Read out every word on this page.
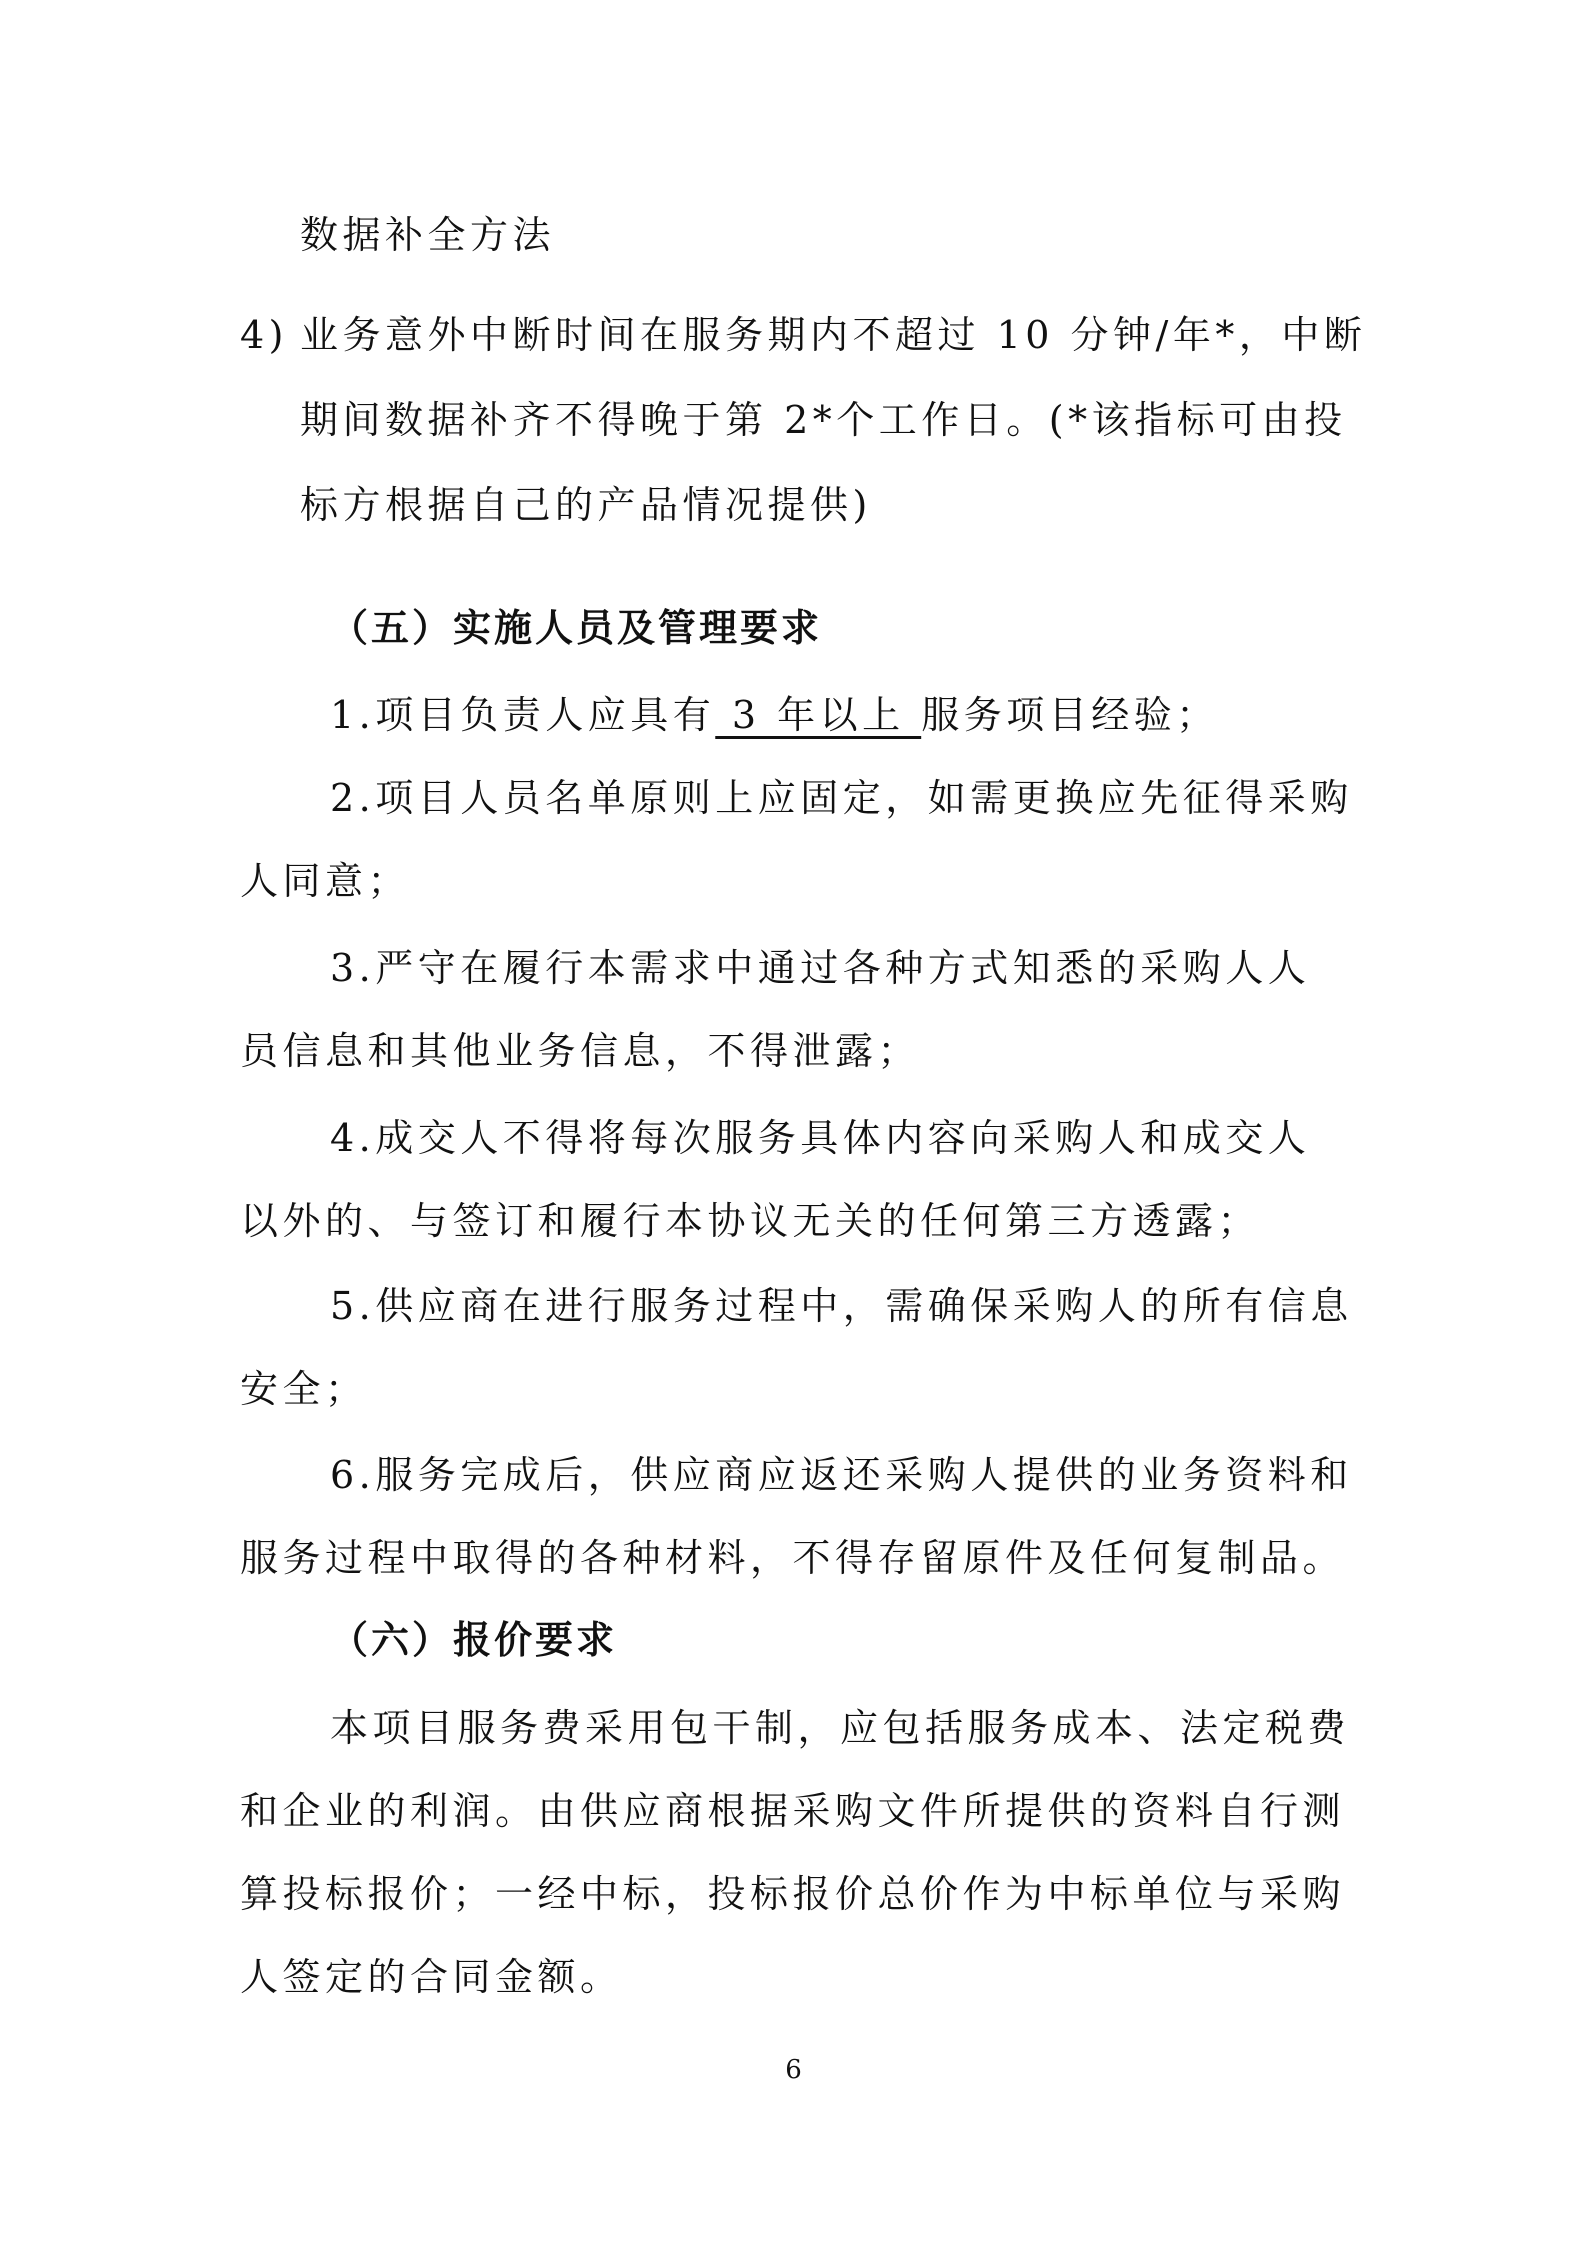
数据补全方法
4) 业务意外中断时间在服务期内不超过 10 分钟/年*，中断
期间数据补齐不得晚于第 2*个工作日。(*该指标可由投
标方根据自己的产品情况提供)
（五）实施人员及管理要求
1.项目负责人应具有 3 年以上 服务项目经验；
2.项目人员名单原则上应固定，如需更换应先征得采购
人同意；
3.严守在履行本需求中通过各种方式知悉的采购人人
员信息和其他业务信息，不得泄露；
4.成交人不得将每次服务具体内容向采购人和成交人
以外的、与签订和履行本协议无关的任何第三方透露；
5.供应商在进行服务过程中，需确保采购人的所有信息
安全；
6.服务完成后，供应商应返还采购人提供的业务资料和
服务过程中取得的各种材料，不得存留原件及任何复制品。
（六）报价要求
本项目服务费采用包干制，应包括服务成本、法定税费
和企业的利润。由供应商根据采购文件所提供的资料自行测
算投标报价；一经中标，投标报价总价作为中标单位与采购
人签定的合同金额。
6
